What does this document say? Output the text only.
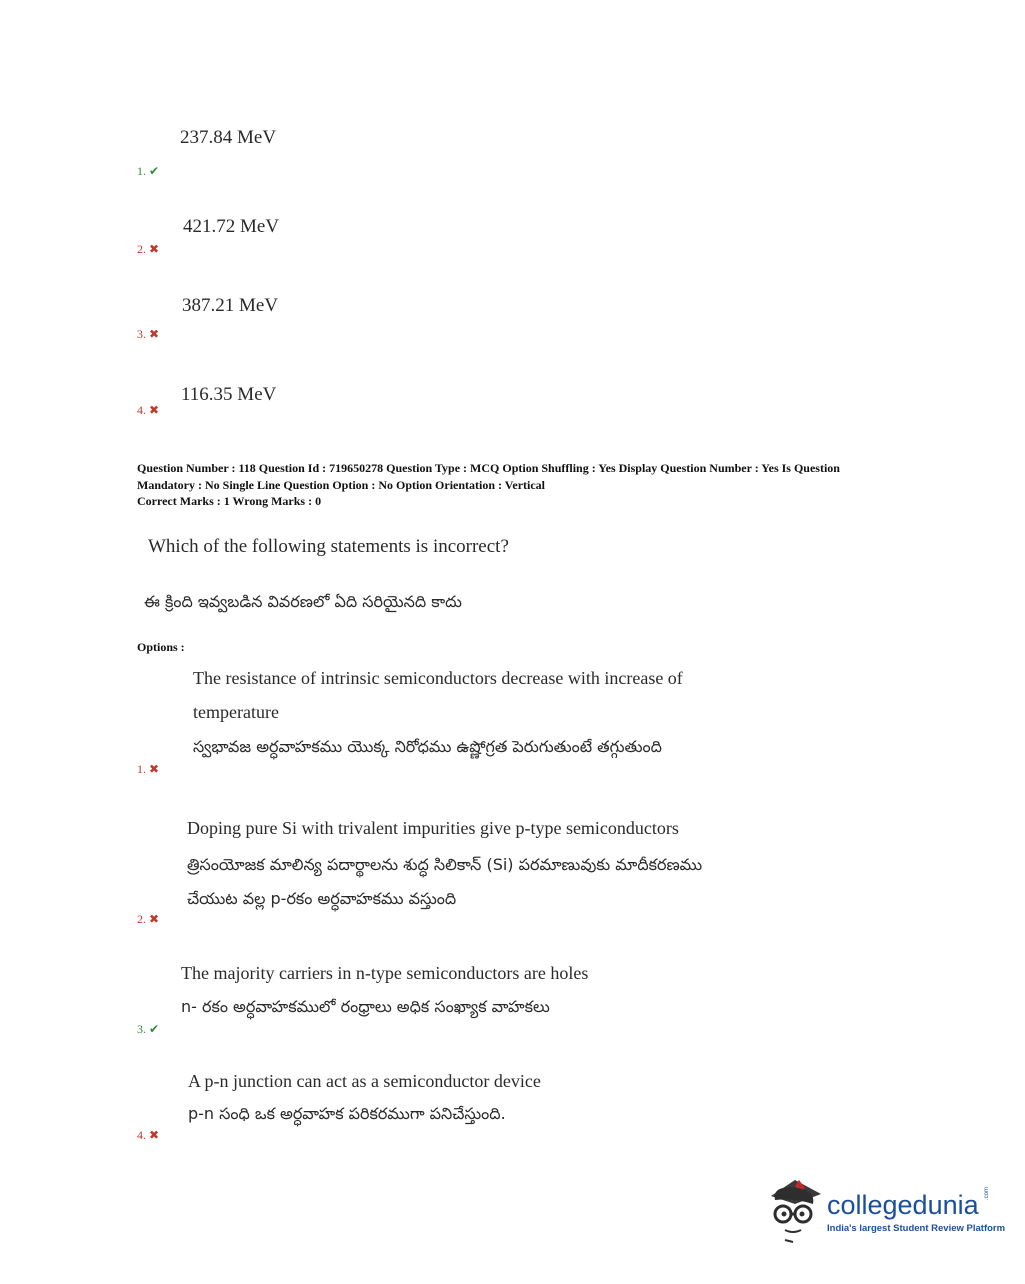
237.84 MeV
1. ✔
421.72 MeV
2. ✖
387.21 MeV
3. ✖
116.35 MeV
4. ✖
Question Number : 118 Question Id : 719650278 Question Type : MCQ Option Shuffling : Yes Display Question Number : Yes Is Question
Mandatory : No Single Line Question Option : No Option Orientation : Vertical
Correct Marks : 1 Wrong Marks : 0
Which of the following statements is incorrect?
ఈ క్రింది ఇవ్వబడిన వివరణలో ఏది సరియైనది కాదు
Options :
The resistance of intrinsic semiconductors decrease with increase of
temperature
స్వభావజ అర్ధవాహకము యొక్క నిరోధము ఉష్ణోగ్రత పెరుగుతుంటే తగ్గుతుంది
1. ✖
Doping pure Si with trivalent impurities give p-type semiconductors
త్రిసంయోజక మాలిన్య పదార్థాలను శుద్ధ సిలికాన్ (Si) పరమాణువుకు మాదీకరణము
చేయుట వల్ల p-రకం అర్ధవాహకము వస్తుంది
2. ✖
The majority carriers in n-type semiconductors are holes
n- రకం అర్ధవాహకములో రంధ్రాలు అధిక సంఖ్యాక వాహకలు
3. ✔
A p-n junction can act as a semiconductor device
p-n సంధి ఒక అర్ధవాహక పరికరముగా పనిచేస్తుంది.
4. ✖
collegedunia .com
India's largest Student Review Platform
